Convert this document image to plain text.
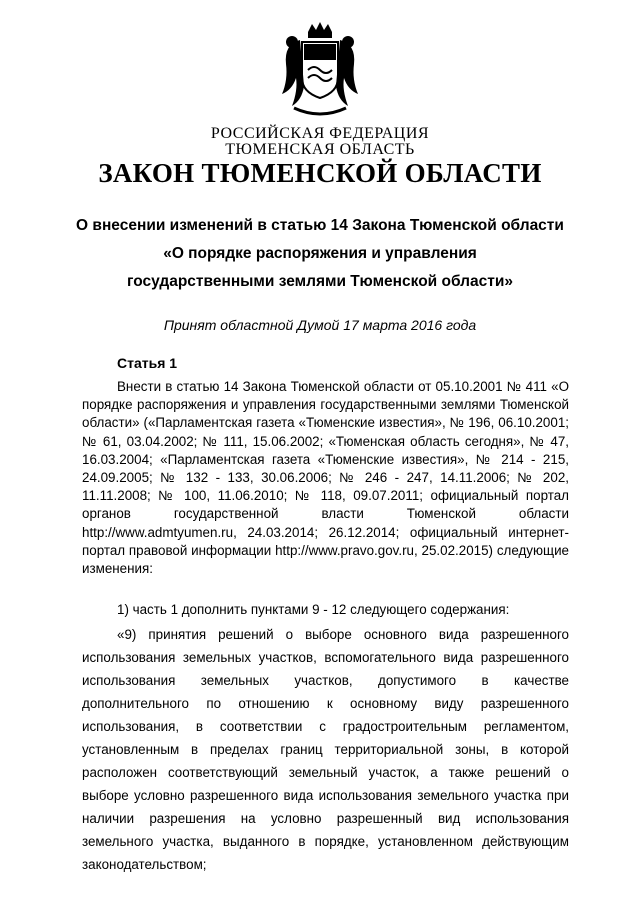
РОССИЙСКАЯ ФЕДЕРАЦИЯ
ТЮМЕНСКАЯ ОБЛАСТЬ
ЗАКОН ТЮМЕНСКОЙ ОБЛАСТИ
О внесении изменений в статью 14 Закона Тюменской области
«О порядке распоряжения и управления
государственными землями Тюменской области»
Принят областной Думой 17 марта 2016 года
Статья 1
Внести в статью 14 Закона Тюменской области от 05.10.2001 № 411 «О порядке распоряжения и управления государственными землями Тюменской области» («Парламентская газета «Тюменские известия», № 196, 06.10.2001; № 61, 03.04.2002; № 111, 15.06.2002; «Тюменская область сегодня», № 47, 16.03.2004; «Парламентская газета «Тюменские известия», № 214 - 215, 24.09.2005; № 132 - 133, 30.06.2006; № 246 - 247, 14.11.2006; № 202, 11.11.2008; № 100, 11.06.2010; № 118, 09.07.2011; официальный портал органов государственной власти Тюменской области http://www.admtyumen.ru, 24.03.2014; 26.12.2014; официальный интернет-портал правовой информации http://www.pravo.gov.ru, 25.02.2015) следующие изменения:
1) часть 1 дополнить пунктами 9 - 12 следующего содержания:
«9) принятия решений о выборе основного вида разрешенного использования земельных участков, вспомогательного вида разрешенного использования земельных участков, допустимого в качестве дополнительного по отношению к основному виду разрешенного использования, в соответствии с градостроительным регламентом, установленным в пределах границ территориальной зоны, в которой расположен соответствующий земельный участок, а также решений о выборе условно разрешенного вида использования земельного участка при наличии разрешения на условно разрешенный вид использования земельного участка, выданного в порядке, установленном действующим законодательством;
